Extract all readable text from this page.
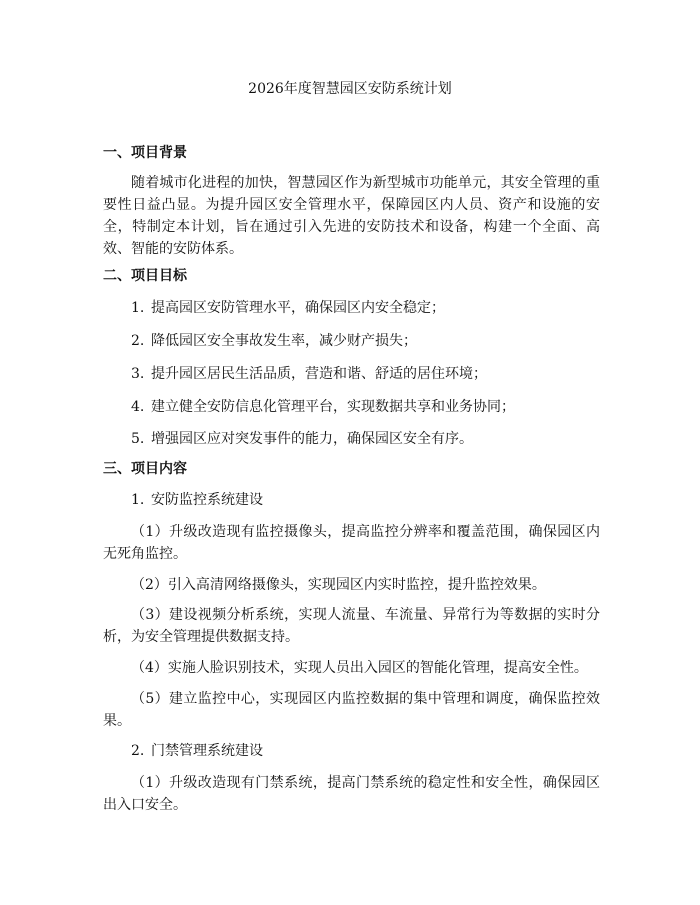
2026年度智慧园区安防系统计划
一、项目背景
随着城市化进程的加快，智慧园区作为新型城市功能单元，其安全管理的重要性日益凸显。为提升园区安全管理水平，保障园区内人员、资产和设施的安全，特制定本计划，旨在通过引入先进的安防技术和设备，构建一个全面、高效、智能的安防体系。
二、项目目标
1. 提高园区安防管理水平，确保园区内安全稳定；
2. 降低园区安全事故发生率，减少财产损失；
3. 提升园区居民生活品质，营造和谐、舒适的居住环境；
4. 建立健全安防信息化管理平台，实现数据共享和业务协同；
5. 增强园区应对突发事件的能力，确保园区安全有序。
三、项目内容
1. 安防监控系统建设
（1）升级改造现有监控摄像头，提高监控分辨率和覆盖范围，确保园区内无死角监控。
（2）引入高清网络摄像头，实现园区内实时监控，提升监控效果。
（3）建设视频分析系统，实现人流量、车流量、异常行为等数据的实时分析，为安全管理提供数据支持。
（4）实施人脸识别技术，实现人员出入园区的智能化管理，提高安全性。
（5）建立监控中心，实现园区内监控数据的集中管理和调度，确保监控效果。
2. 门禁管理系统建设
（1）升级改造现有门禁系统，提高门禁系统的稳定性和安全性，确保园区出入口安全。
